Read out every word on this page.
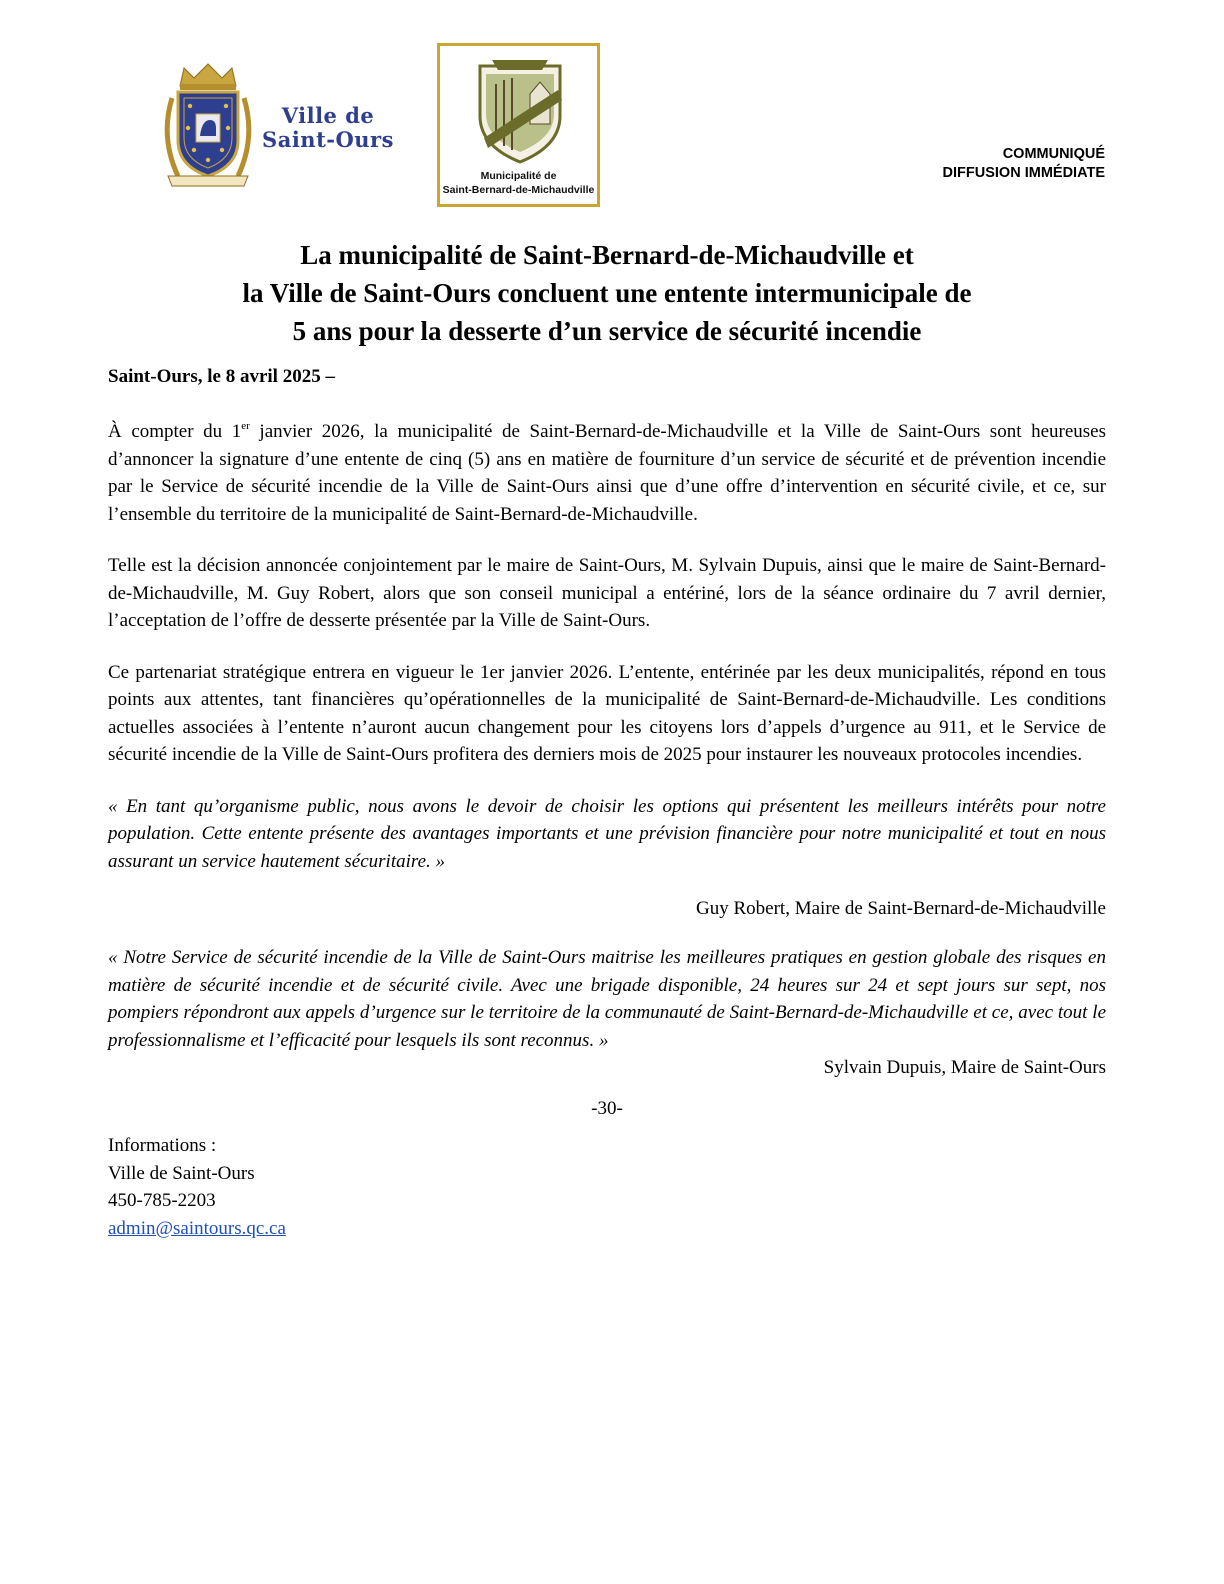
Ville de
Saint-Ours
Municipalité de
Saint-Bernard-de-Michaudville
COMMUNIQUÉ
DIFFUSION IMMÉDIATE
La municipalité de Saint-Bernard-de-Michaudville et
la Ville de Saint-Ours concluent une entente intermunicipale de
5 ans pour la desserte d’un service de sécurité incendie

Saint-Ours, le 8 avril 2025 –

À compter du 1er janvier 2026, la municipalité de Saint-Bernard-de-Michaudville et la Ville de Saint-Ours sont heureuses d’annoncer la signature d’une entente de cinq (5) ans en matière de fourniture d’un service de sécurité et de prévention incendie par le Service de sécurité incendie de la Ville de Saint-Ours ainsi que d’une offre d’intervention en sécurité civile, et ce, sur l’ensemble du territoire de la municipalité de Saint-Bernard-de-Michaudville.

Telle est la décision annoncée conjointement par le maire de Saint-Ours, M. Sylvain Dupuis, ainsi que le maire de Saint-Bernard-de-Michaudville, M. Guy Robert, alors que son conseil municipal a entériné, lors de la séance ordinaire du 7 avril dernier, l’acceptation de l’offre de desserte présentée par la Ville de Saint-Ours.

Ce partenariat stratégique entrera en vigueur le 1er janvier 2026. L’entente, entérinée par les deux municipalités, répond en tous points aux attentes, tant financières qu’opérationnelles de la municipalité de Saint-Bernard-de-Michaudville. Les conditions actuelles associées à l’entente n’auront aucun changement pour les citoyens lors d’appels d’urgence au 911, et le Service de sécurité incendie de la Ville de Saint-Ours profitera des derniers mois de 2025 pour instaurer les nouveaux protocoles incendies.

« En tant qu’organisme public, nous avons le devoir de choisir les options qui présentent les meilleurs intérêts pour notre population. Cette entente présente des avantages importants et une prévision financière pour notre municipalité et tout en nous assurant un service hautement sécuritaire. »

Guy Robert, Maire de Saint-Bernard-de-Michaudville

« Notre Service de sécurité incendie de la Ville de Saint-Ours maitrise les meilleures pratiques en gestion globale des risques en matière de sécurité incendie et de sécurité civile. Avec une brigade disponible, 24 heures sur 24 et sept jours sur sept, nos pompiers répondront aux appels d’urgence sur le territoire de la communauté de Saint-Bernard-de-Michaudville et ce, avec tout le professionnalisme et l’efficacité pour lesquels ils sont reconnus. »

Sylvain Dupuis, Maire de Saint-Ours

-30-

Informations :
Ville de Saint-Ours
450-785-2203
admin@saintours.qc.ca
